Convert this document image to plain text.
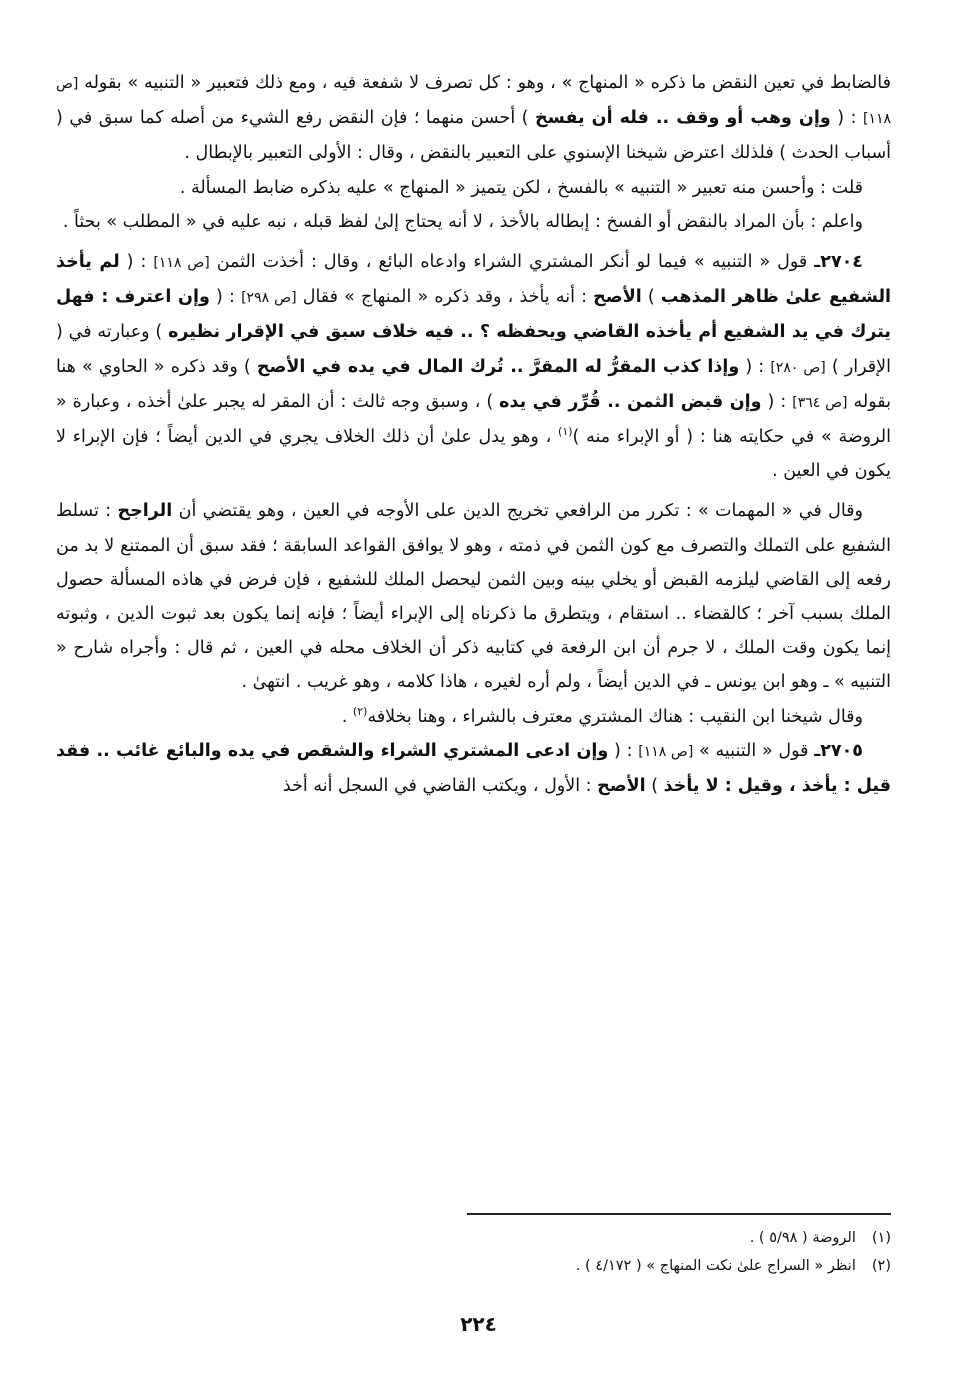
فالضابط في تعين النقض ما ذكره « المنهاج » ، وهو : كل تصرف لا شفعة فيه ، ومع ذلك فتعبير « التنبيه » بقوله [ص ١١٨] : ( وإن وهب أو وقف .. فله أن يفسخ ) أحسن منهما ؛ فإن النقض رفع الشيء من أصله كما سبق في ( أسباب الحدث ) فلذلك اعترض شيخنا الإسنوي على التعبير بالنقض ، وقال : الأولى التعبير بالإبطال .

قلت : وأحسن منه تعبير « التنبيه » بالفسخ ، لكن يتميز « المنهاج » عليه بذكره ضابط المسألة .

واعلم : بأن المراد بالنقض أو الفسخ : إبطاله بالأخذ ، لا أنه يحتاج إلىٰ لفظ قبله ، نبه عليه في « المطلب » بحثاً .

٢٧٠٤ـ قول « التنبيه » فيما لو أنكر المشتري الشراء وادعاه البائع ، وقال : أخذت الثمن [ص ١١٨] : ( لم يأخذ الشفيع علىٰ ظاهر المذهب ) الأصح : أنه يأخذ ، وقد ذكره « المنهاج » فقال [ص ٢٩٨] : ( وإن اعترف : فهل يترك في يد الشفيع أم يأخذه القاضي ويحفظه ؟ .. فيه خلاف سبق في الإقرار نظيره ) وعبارته في ( الإقرار ) [ص ٢٨٠] : ( وإذا كذب المقرُّ له المقرَّ .. تُرك المال في يده في الأصح ) وقد ذكره « الحاوي » هنا بقوله [ص ٣٦٤] : ( وإن قبض الثمن .. قُرِّر في يده ) ، وسبق وجه ثالث : أن المقر له يجبر علىٰ أخذه ، وعبارة « الروضة » في حكايته هنا : ( أو الإبراء منه )$^{(١)}$ ، وهو يدل علىٰ أن ذلك الخلاف يجري في الدين أيضاً ؛ فإن الإبراء لا يكون في العين .

وقال في « المهمات » : تكرر من الرافعي تخريج الدين على الأوجه في العين ، وهو يقتضي أن الراجح : تسلط الشفيع على التملك والتصرف مع كون الثمن في ذمته ، وهو لا يوافق القواعد السابقة ؛ فقد سبق أن الممتنع لا بد من رفعه إلى القاضي ليلزمه القبض أو يخلي بينه وبين الثمن ليحصل الملك للشفيع ، فإن فرض في هاذه المسألة حصول الملك بسبب آخر ؛ كالقضاء .. استقام ، ويتطرق ما ذكرناه إلى الإبراء أيضاً ؛ فإنه إنما يكون بعد ثبوت الدين ، وثبوته إنما يكون وقت الملك ، لا جرم أن ابن الرفعة في كتابيه ذكر أن الخلاف محله في العين ، ثم قال : وأجراه شارح « التنبيه » ـ وهو ابن يونس ـ في الدين أيضاً ، ولم أره لغيره ، هاذا كلامه ، وهو غريب . انتهىٰ .

وقال شيخنا ابن النقيب : هناك المشتري معترف بالشراء ، وهنا بخلافه$^{(٢)}$ .

٢٧٠٥ـ قول « التنبيه » [ص ١١٨] : ( وإن ادعى المشتري الشراء والشقص في يده والبائع غائب .. فقد قيل : يأخذ ، وقيل : لا يأخذ ) الأصح : الأول ، ويكتب القاضي في السجل أنه أخذ

(١)الروضة ( ٥/٩٨ ) .

(٢)انظر « السراج علىٰ نكت المنهاج » ( ٤/١٧٢ ) .

٢٢٤
